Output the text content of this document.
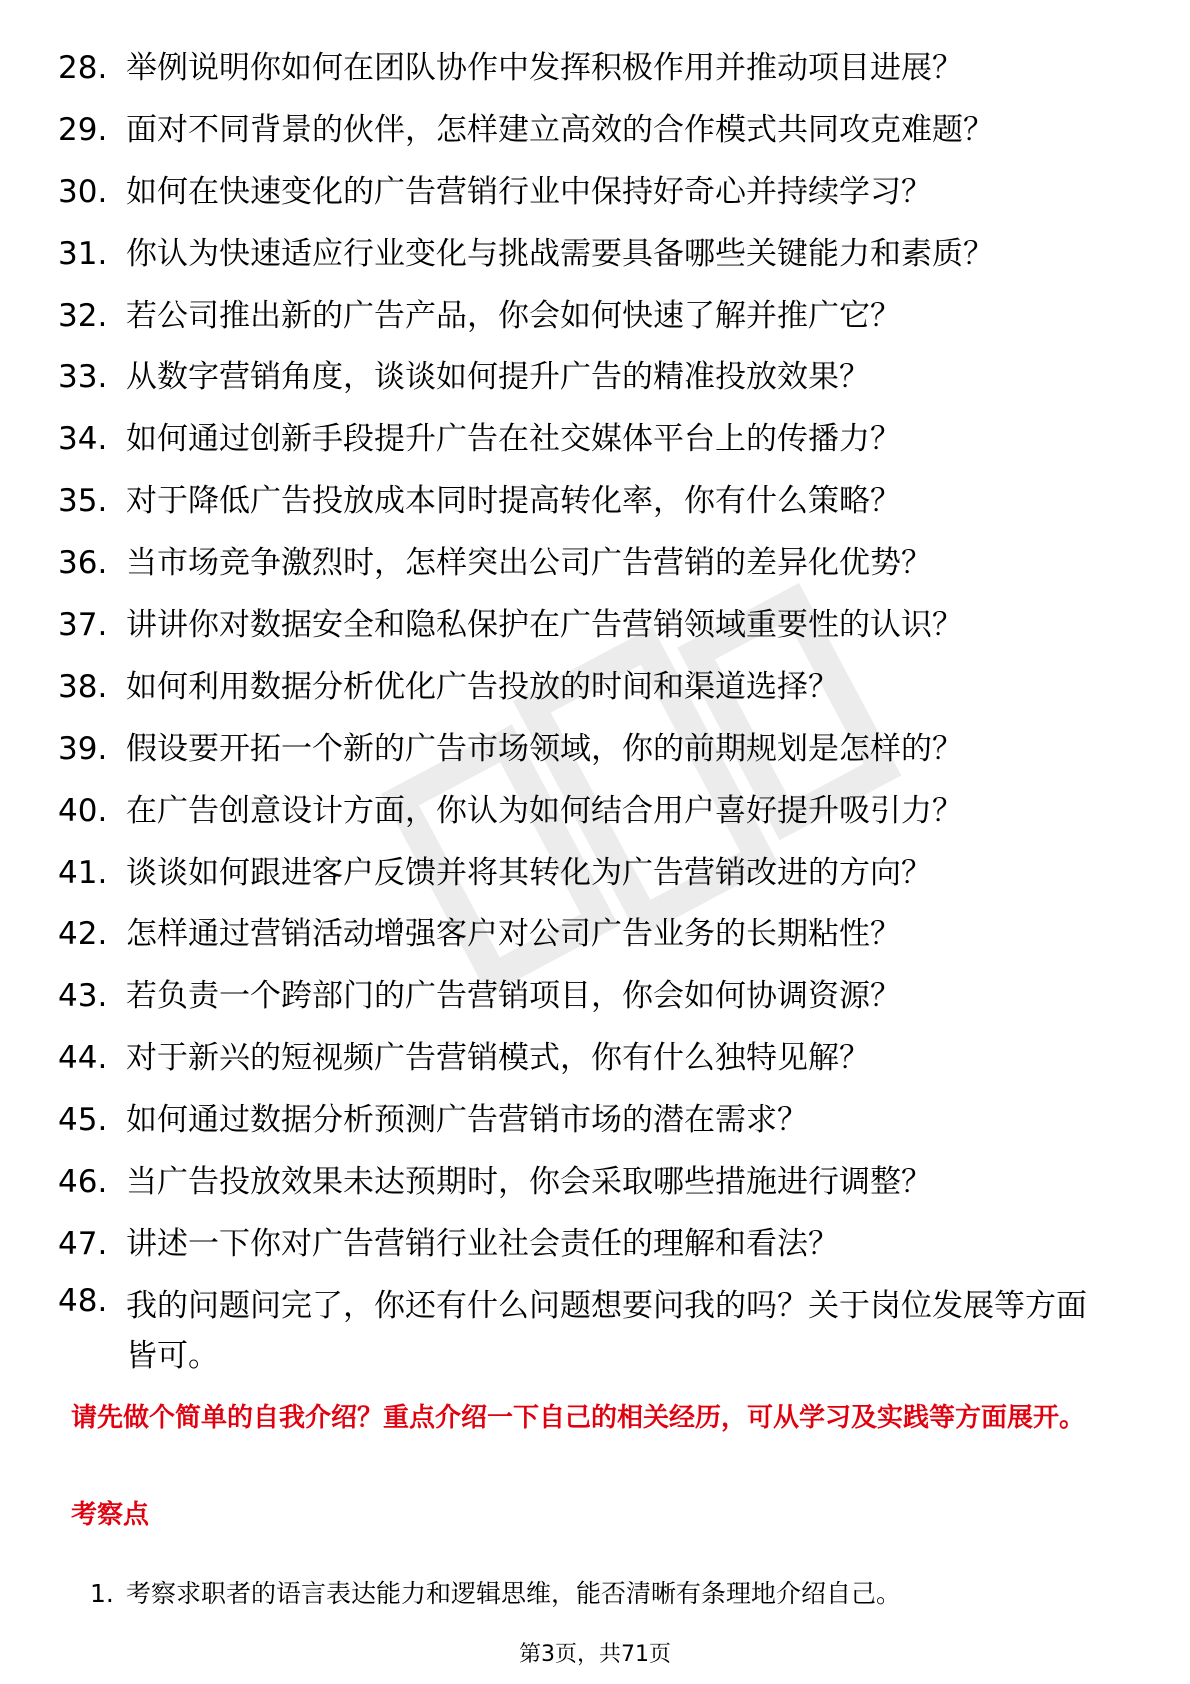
28. 举例说明你如何在团队协作中发挥积极作用并推动项目进展？
29. 面对不同背景的伙伴，怎样建立高效的合作模式共同攻克难题？
30. 如何在快速变化的广告营销行业中保持好奇心并持续学习？
31. 你认为快速适应行业变化与挑战需要具备哪些关键能力和素质？
32. 若公司推出新的广告产品，你会如何快速了解并推广它？
33. 从数字营销角度，谈谈如何提升广告的精准投放效果？
34. 如何通过创新手段提升广告在社交媒体平台上的传播力？
35. 对于降低广告投放成本同时提高转化率，你有什么策略？
36. 当市场竞争激烈时，怎样突出公司广告营销的差异化优势？
37. 讲讲你对数据安全和隐私保护在广告营销领域重要性的认识？
38. 如何利用数据分析优化广告投放的时间和渠道选择？
39. 假设要开拓一个新的广告市场领域，你的前期规划是怎样的？
40. 在广告创意设计方面，你认为如何结合用户喜好提升吸引力？
41. 谈谈如何跟进客户反馈并将其转化为广告营销改进的方向？
42. 怎样通过营销活动增强客户对公司广告业务的长期粘性？
43. 若负责一个跨部门的广告营销项目，你会如何协调资源？
44. 对于新兴的短视频广告营销模式，你有什么独特见解？
45. 如何通过数据分析预测广告营销市场的潜在需求？
46. 当广告投放效果未达预期时，你会采取哪些措施进行调整？
47. 讲述一下你对广告营销行业社会责任的理解和看法？
48. 我的问题问完了，你还有什么问题想要问我的吗？关于岗位发展等方面皆可。
请先做个简单的自我介绍？重点介绍一下自己的相关经历，可从学习及实践等方面展开。
考察点
1. 考察求职者的语言表达能力和逻辑思维，能否清晰有条理地介绍自己。
第3页，共71页
